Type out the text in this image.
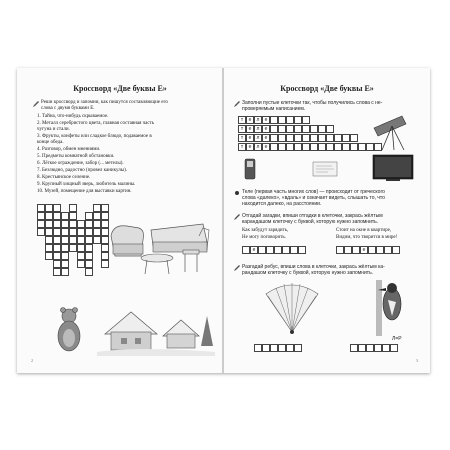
Кроссворд «Две буквы Е»
Реши кроссворд и запомни, как пишутся составляющие его
слова с двумя буквами Е.
1. Тайна, что-нибудь скрываемое.
2. Металл серебристого цвета, главная составная часть
чугуна и стали.
3. Фрукты, конфеты или сладкое блюдо, подаваемое в
конце обеда.
4. Разговор, обмен мнениями.
5. Предметы комнатной обстановки.
6. Лёгкое ограждение, забор (... метелы).
7. Безлюдно, радостно (провел каникулы).
8. Крестьянское селение.
9. Крупный хищный зверь, любитель малины.
10. Музей, помещение для выставки картин.
2
Кроссворд «Две буквы Е»
Заполни пустые клеточки так, чтобы получились слова с не-
проверяемым написанием.
т	е	л	е
т	е	л	е
т	е	л	е
т	е	л	е
Теле (первая часть многих слов) — происходит от греческого
слова «далеко», «вдаль» и означает видеть, слышать то, что
находится далеко, на расстоянии.
Отгадай загадки, впиши отгадки в клеточки, закрась жёлтым
карандашом клеточку с буквой, которую нужно запомнить.
Как забудут зарядить,
Не могу поговорить.
Стоит на окне в квартире,
Видим, что творится в мире!
е	е
Разгадай ребус, впиши слова в клеточки, закрась жёлтым ка-
рандашом клеточку с буквой, которую нужно запомнить.
Л=Р
3
